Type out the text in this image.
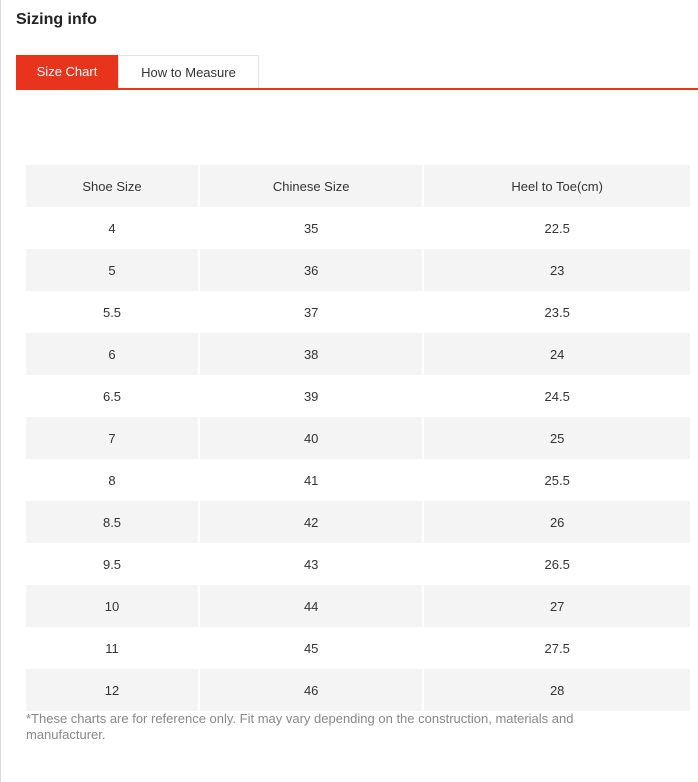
Sizing info
Size Chart	How to Measure
Shoe Size	Chinese Size	Heel to Toe(cm)
4	35	22.5
5	36	23
5.5	37	23.5
6	38	24
6.5	39	24.5
7	40	25
8	41	25.5
8.5	42	26
9.5	43	26.5
10	44	27
11	45	27.5
12	46	28
*These charts are for reference only. Fit may vary depending on the construction, materials and manufacturer.
